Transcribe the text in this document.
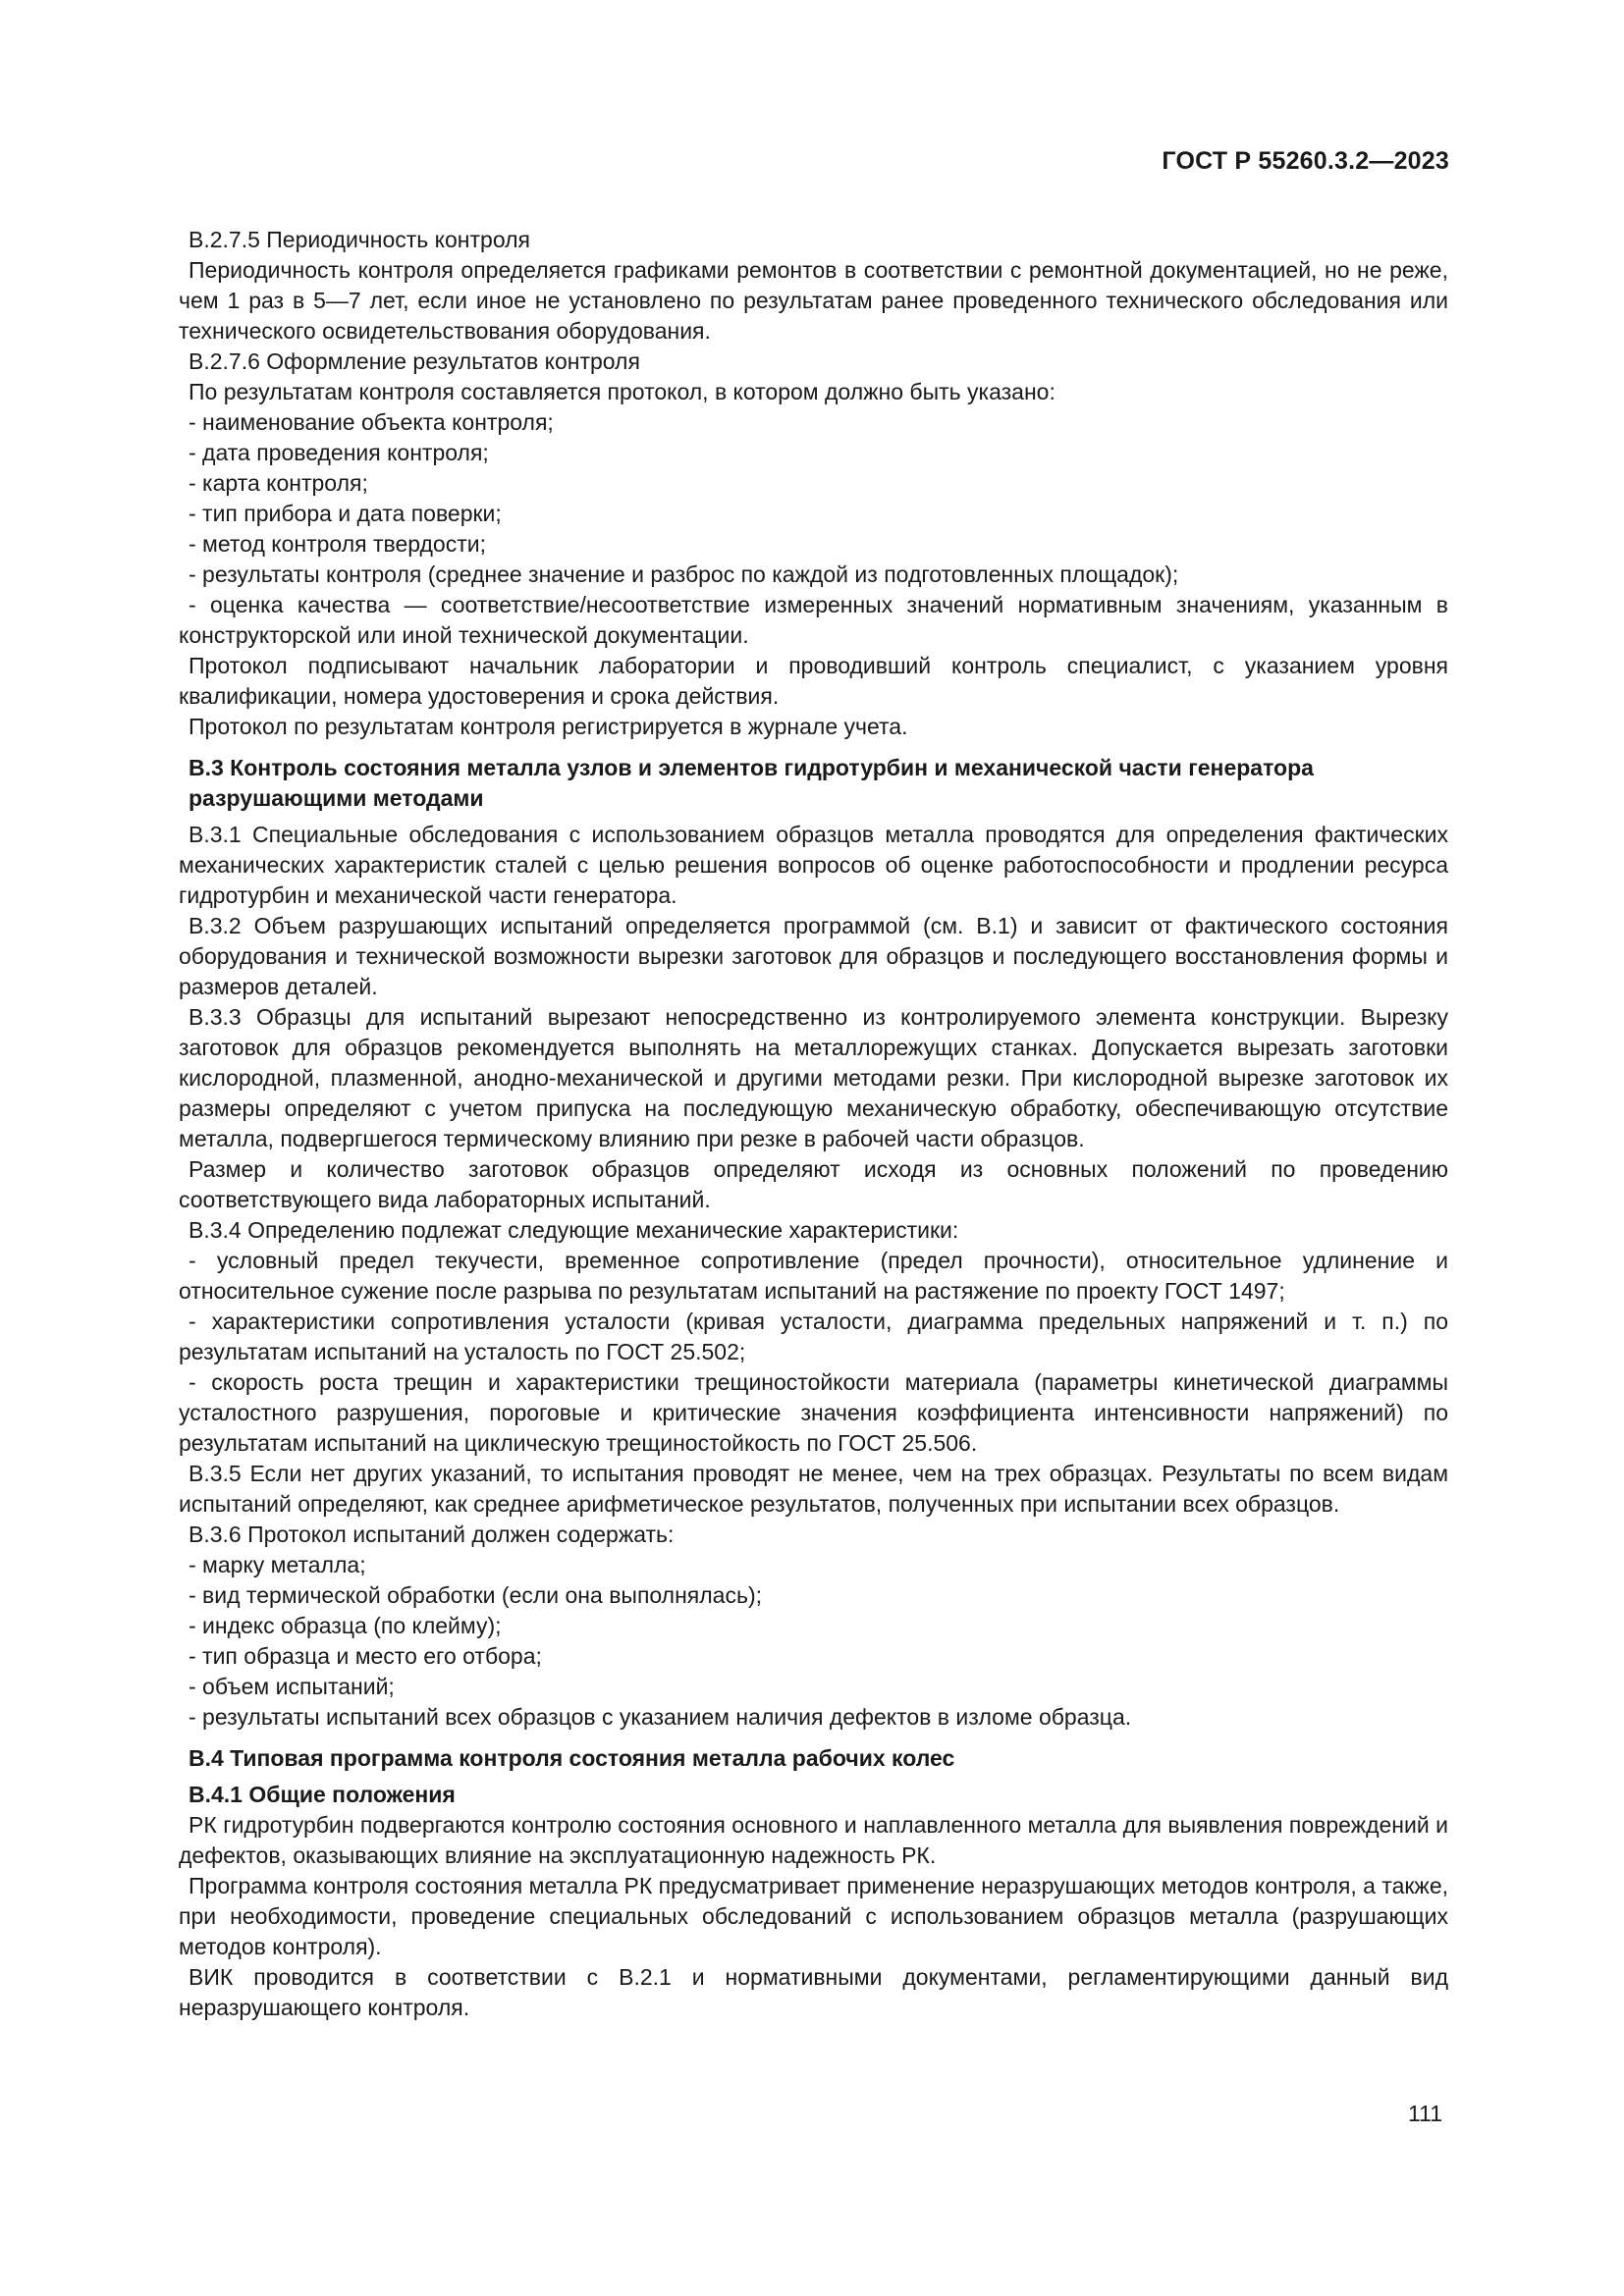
ГОСТ Р 55260.3.2—2023

В.2.7.5 Периодичность контроля

Периодичность контроля определяется графиками ремонтов в соответствии с ремонтной документацией, но не реже, чем 1 раз в 5—7 лет, если иное не установлено по результатам ранее проведенного технического обследования или технического освидетельствования оборудования.

В.2.7.6 Оформление результатов контроля

По результатам контроля составляется протокол, в котором должно быть указано:

- наименование объекта контроля;

- дата проведения контроля;

- карта контроля;

- тип прибора и дата поверки;

- метод контроля твердости;

- результаты контроля (среднее значение и разброс по каждой из подготовленных площадок);

- оценка качества — соответствие/несоответствие измеренных значений нормативным значениям, указанным в конструкторской или иной технической документации.

Протокол подписывают начальник лаборатории и проводивший контроль специалист, с указанием уровня квалификации, номера удостоверения и срока действия.

Протокол по результатам контроля регистрируется в журнале учета.

В.3 Контроль состояния металла узлов и элементов гидротурбин и механической части генератора разрушающими методами

В.3.1 Специальные обследования с использованием образцов металла проводятся для определения фактических механических характеристик сталей с целью решения вопросов об оценке работоспособности и продлении ресурса гидротурбин и механической части генератора.

В.3.2 Объем разрушающих испытаний определяется программой (см. В.1) и зависит от фактического состояния оборудования и технической возможности вырезки заготовок для образцов и последующего восстановления формы и размеров деталей.

В.3.3 Образцы для испытаний вырезают непосредственно из контролируемого элемента конструкции. Вырезку заготовок для образцов рекомендуется выполнять на металлорежущих станках. Допускается вырезать заготовки кислородной, плазменной, анодно-механической и другими методами резки. При кислородной вырезке заготовок их размеры определяют с учетом припуска на последующую механическую обработку, обеспечивающую отсутствие металла, подвергшегося термическому влиянию при резке в рабочей части образцов.

Размер и количество заготовок образцов определяют исходя из основных положений по проведению соответствующего вида лабораторных испытаний.

В.3.4 Определению подлежат следующие механические характеристики:

- условный предел текучести, временное сопротивление (предел прочности), относительное удлинение и относительное сужение после разрыва по результатам испытаний на растяжение по проекту ГОСТ 1497;

- характеристики сопротивления усталости (кривая усталости, диаграмма предельных напряжений и т. п.) по результатам испытаний на усталость по ГОСТ 25.502;

- скорость роста трещин и характеристики трещиностойкости материала (параметры кинетической диаграммы усталостного разрушения, пороговые и критические значения коэффициента интенсивности напряжений) по результатам испытаний на циклическую трещиностойкость по ГОСТ 25.506.

В.3.5 Если нет других указаний, то испытания проводят не менее, чем на трех образцах. Результаты по всем видам испытаний определяют, как среднее арифметическое результатов, полученных при испытании всех образцов.

В.3.6 Протокол испытаний должен содержать:

- марку металла;

- вид термической обработки (если она выполнялась);

- индекс образца (по клейму);

- тип образца и место его отбора;

- объем испытаний;

- результаты испытаний всех образцов с указанием наличия дефектов в изломе образца.

В.4 Типовая программа контроля состояния металла рабочих колес

В.4.1 Общие положения

РК гидротурбин подвергаются контролю состояния основного и наплавленного металла для выявления повреждений и дефектов, оказывающих влияние на эксплуатационную надежность РК.

Программа контроля состояния металла РК предусматривает применение неразрушающих методов контроля, а также, при необходимости, проведение специальных обследований с использованием образцов металла (разрушающих методов контроля).

ВИК проводится в соответствии с В.2.1 и нормативными документами, регламентирующими данный вид неразрушающего контроля.

111
